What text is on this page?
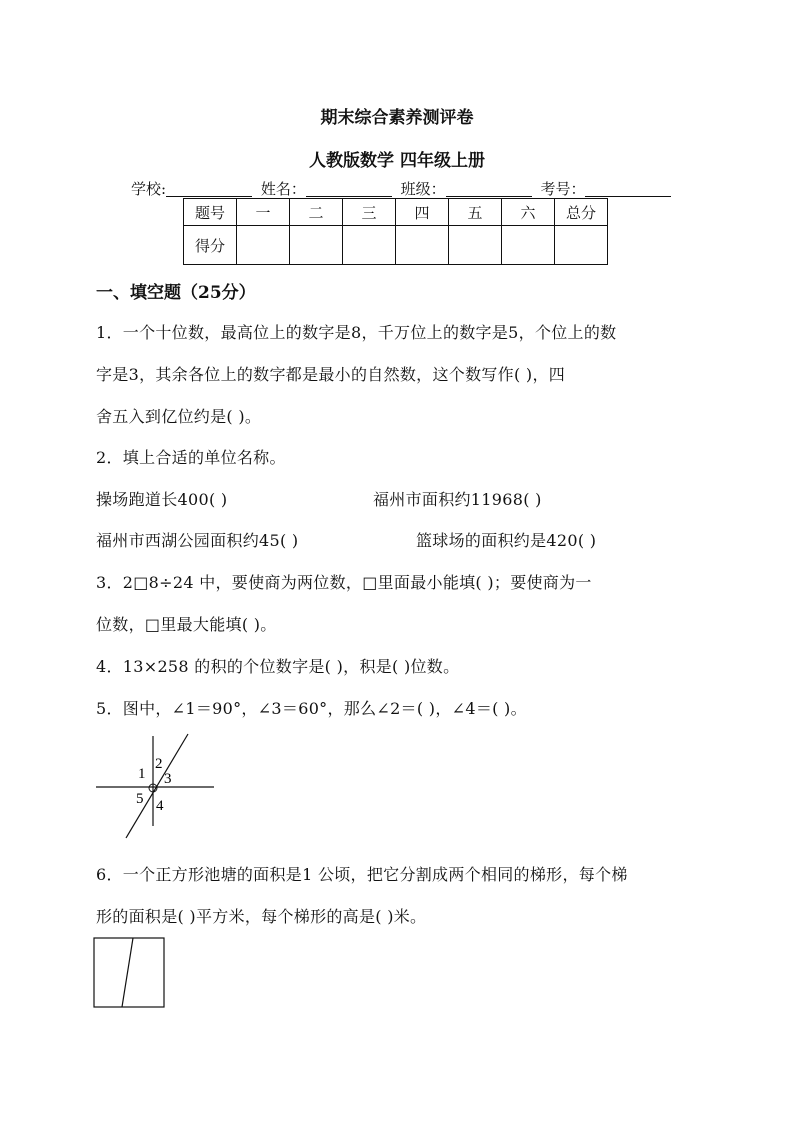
期末综合素养测评卷
人教版数学 四年级上册
学校:	姓名：	班级：	考号：
题号	一	二	三	四	五	六	总分
得分							
一、填空题（25分）
1．一个十位数，最高位上的数字是8，千万位上的数字是5，个位上的数
字是3，其余各位上的数字都是最小的自然数，这个数写作( )，四
舍五入到亿位约是( )。
2．填上合适的单位名称。
操场跑道长400( )	福州市面积约11968( )
福州市西湖公园面积约45( )	篮球场的面积约是420( )
3．2□8÷24 中，要使商为两位数，□里面最小能填( )；要使商为一
位数，□里最大能填( )。
4．13×258 的积的个位数字是( )，积是( )位数。
5．图中，∠1＝90°，∠3＝60°，那么∠2＝( )，∠4＝( )。
1
2
3
5 4
6．一个正方形池塘的面积是1 公顷，把它分割成两个相同的梯形，每个梯
形的面积是( )平方米，每个梯形的高是( )米。
